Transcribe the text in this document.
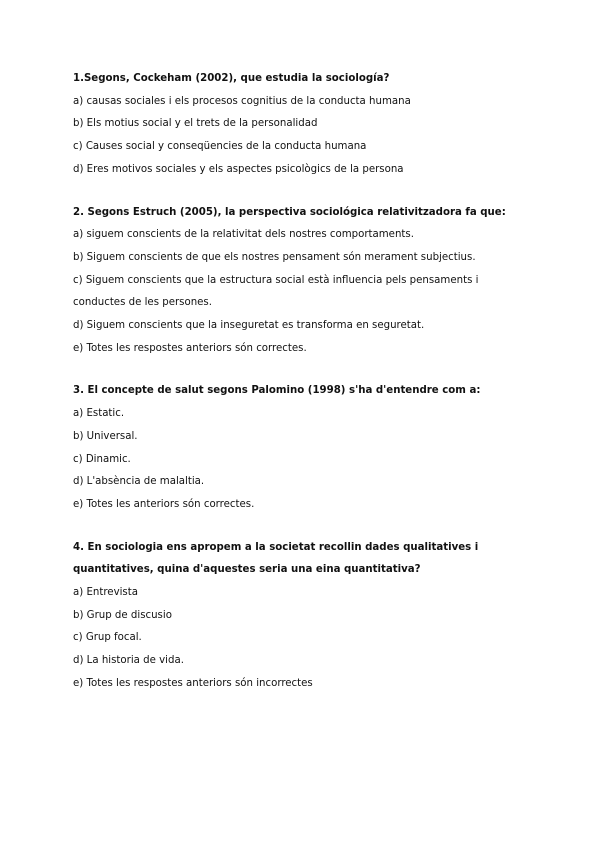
1.Segons, Cockeham (2002), que estudia la sociología?

a) causas sociales i els procesos cognitius de la conducta humana

b) Els motius social y el trets de la personalidad

c) Causes social y conseqüencies de la conducta humana

d) Eres motivos sociales y els aspectes psicològics de la persona

2. Segons Estruch (2005), la perspectiva sociológica relativitzadora fa que:

a) siguem conscients de la relativitat dels nostres comportaments.

b) Siguem conscients de que els nostres pensament són merament subjectius.

c) Siguem conscients que la estructura social està influencia pels pensaments i conductes de les persones.

d) Siguem conscients que la inseguretat es transforma en seguretat.

e) Totes les respostes anteriors són correctes.

3. El concepte de salut segons Palomino (1998) s'ha d'entendre com a:

a) Estatic.

b) Universal.

c) Dinamic.

d) L'absència de malaltia.

e) Totes les anteriors són correctes.

4. En sociologia ens apropem a la societat recollin dades qualitatives i quantitatives, quina d'aquestes seria una eina quantitativa?

a) Entrevista

b) Grup de discusio

c) Grup focal.

d) La historia de vida.

e) Totes les respostes anteriors són incorrectes
